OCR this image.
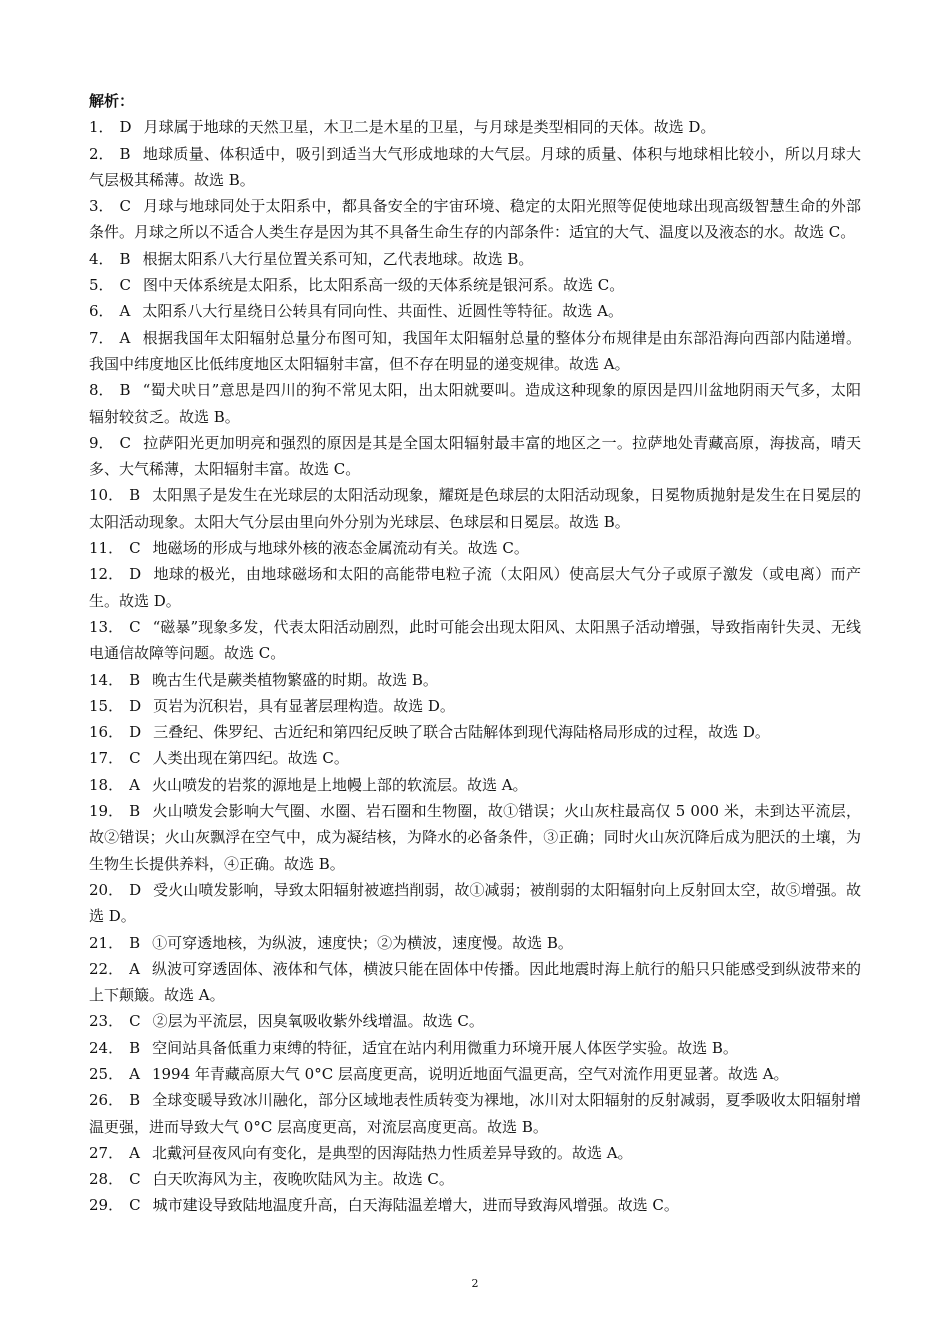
解析：
1． D 月球属于地球的天然卫星，木卫二是木星的卫星，与月球是类型相同的天体。故选 D。
2． B 地球质量、体积适中，吸引到适当大气形成地球的大气层。月球的质量、体积与地球相比较小，所以月球大气层极其稀薄。故选 B。
3． C 月球与地球同处于太阳系中，都具备安全的宇宙环境、稳定的太阳光照等促使地球出现高级智慧生命的外部条件。月球之所以不适合人类生存是因为其不具备生命生存的内部条件：适宜的大气、温度以及液态的水。故选 C。
4． B 根据太阳系八大行星位置关系可知，乙代表地球。故选 B。
5． C 图中天体系统是太阳系，比太阳系高一级的天体系统是银河系。故选 C。
6． A 太阳系八大行星绕日公转具有同向性、共面性、近圆性等特征。故选 A。
7． A 根据我国年太阳辐射总量分布图可知，我国年太阳辐射总量的整体分布规律是由东部沿海向西部内陆递增。我国中纬度地区比低纬度地区太阳辐射丰富，但不存在明显的递变规律。故选 A。
8． B “蜀犬吠日”意思是四川的狗不常见太阳，出太阳就要叫。造成这种现象的原因是四川盆地阴雨天气多，太阳辐射较贫乏。故选 B。
9． C 拉萨阳光更加明亮和强烈的原因是其是全国太阳辐射最丰富的地区之一。拉萨地处青藏高原，海拔高，晴天多、大气稀薄，太阳辐射丰富。故选 C。
10． B 太阳黑子是发生在光球层的太阳活动现象，耀斑是色球层的太阳活动现象，日冕物质抛射是发生在日冕层的太阳活动现象。太阳大气分层由里向外分别为光球层、色球层和日冕层。故选 B。
11． C 地磁场的形成与地球外核的液态金属流动有关。故选 C。
12． D 地球的极光，由地球磁场和太阳的高能带电粒子流（太阳风）使高层大气分子或原子激发（或电离）而产生。故选 D。
13． C “磁暴”现象多发，代表太阳活动剧烈，此时可能会出现太阳风、太阳黑子活动增强，导致指南针失灵、无线电通信故障等问题。故选 C。
14． B 晚古生代是蕨类植物繁盛的时期。故选 B。
15． D 页岩为沉积岩，具有显著层理构造。故选 D。
16． D 三叠纪、侏罗纪、古近纪和第四纪反映了联合古陆解体到现代海陆格局形成的过程，故选 D。
17． C 人类出现在第四纪。故选 C。
18． A 火山喷发的岩浆的源地是上地幔上部的软流层。故选 A。
19． B 火山喷发会影响大气圈、水圈、岩石圈和生物圈，故①错误；火山灰柱最高仅 5 000 米，未到达平流层，故②错误；火山灰飘浮在空气中，成为凝结核，为降水的必备条件，③正确；同时火山灰沉降后成为肥沃的土壤，为生物生长提供养料，④正确。故选 B。
20． D 受火山喷发影响，导致太阳辐射被遮挡削弱，故①减弱；被削弱的太阳辐射向上反射回太空，故⑤增强。故选 D。
21． B ①可穿透地核，为纵波，速度快；②为横波，速度慢。故选 B。
22． A 纵波可穿透固体、液体和气体，横波只能在固体中传播。因此地震时海上航行的船只只能感受到纵波带来的上下颠簸。故选 A。
23． C ②层为平流层，因臭氧吸收紫外线增温。故选 C。
24． B 空间站具备低重力束缚的特征，适宜在站内利用微重力环境开展人体医学实验。故选 B。
25． A 1994 年青藏高原大气 0°C 层高度更高，说明近地面气温更高，空气对流作用更显著。故选 A。
26． B 全球变暖导致冰川融化，部分区域地表性质转变为裸地，冰川对太阳辐射的反射减弱，夏季吸收太阳辐射增温更强，进而导致大气 0°C 层高度更高，对流层高度更高。故选 B。
27． A 北戴河昼夜风向有变化，是典型的因海陆热力性质差异导致的。故选 A。
28． C 白天吹海风为主，夜晚吹陆风为主。故选 C。
29． C 城市建设导致陆地温度升高，白天海陆温差增大，进而导致海风增强。故选 C。
2
